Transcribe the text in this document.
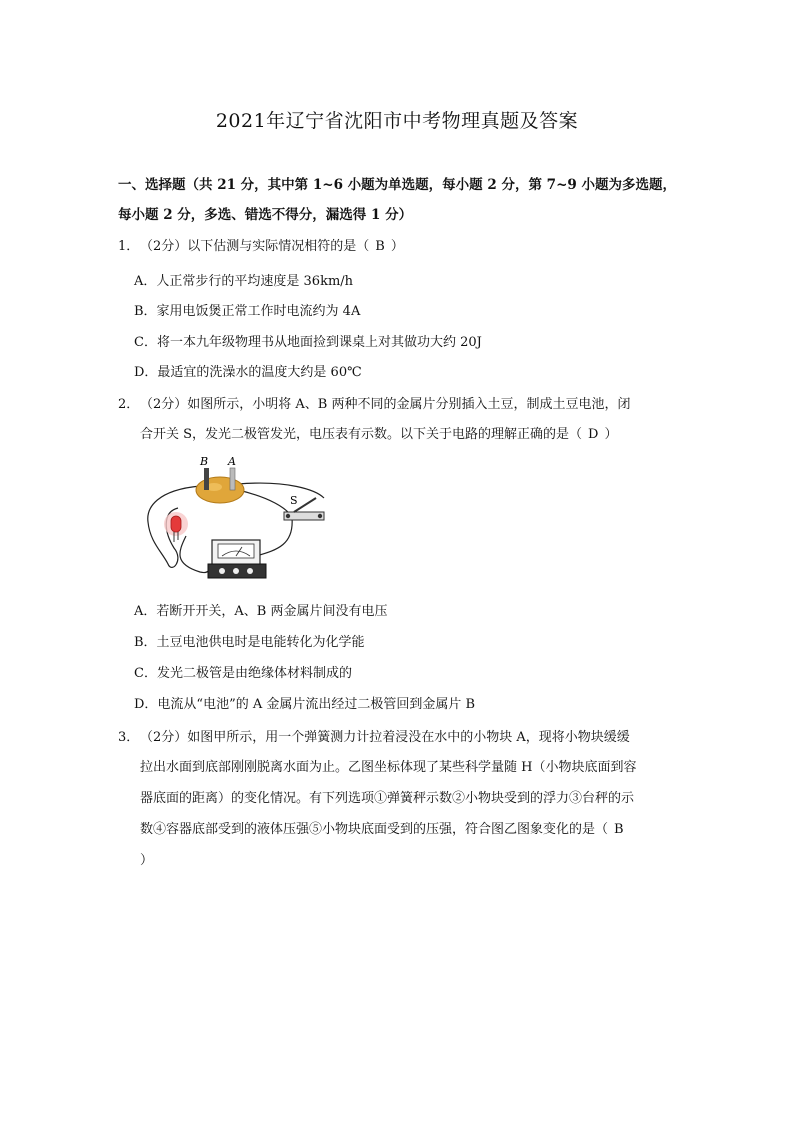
2021年辽宁省沈阳市中考物理真题及答案
一、选择题（共 21 分，其中第 1~6 小题为单选题，每小题 2 分，第 7~9 小题为多选题，
每小题 2 分，多选、错选不得分，漏选得 1 分）
1．（2分）以下估测与实际情况相符的是（ B ）
A．人正常步行的平均速度是 36km/h
B．家用电饭煲正常工作时电流约为 4A
C．将一本九年级物理书从地面捡到课桌上对其做功大约 20J
D．最适宜的洗澡水的温度大约是 60℃
2．（2分）如图所示，小明将 A、B 两种不同的金属片分别插入土豆，制成土豆电池，闭
合开关 S，发光二极管发光，电压表有示数。以下关于电路的理解正确的是（ D ）
B A
S
A．若断开开关，A、B 两金属片间没有电压
B．土豆电池供电时是电能转化为化学能
C．发光二极管是由绝缘体材料制成的
D．电流从“电池”的 A 金属片流出经过二极管回到金属片 B
3．（2分）如图甲所示，用一个弹簧测力计拉着浸没在水中的小物块 A，现将小物块缓缓
拉出水面到底部刚刚脱离水面为止。乙图坐标体现了某些科学量随 H（小物块底面到容
器底面的距离）的变化情况。有下列选项①弹簧秤示数②小物块受到的浮力③台秤的示
数④容器底部受到的液体压强⑤小物块底面受到的压强，符合图乙图象变化的是（ B
）
